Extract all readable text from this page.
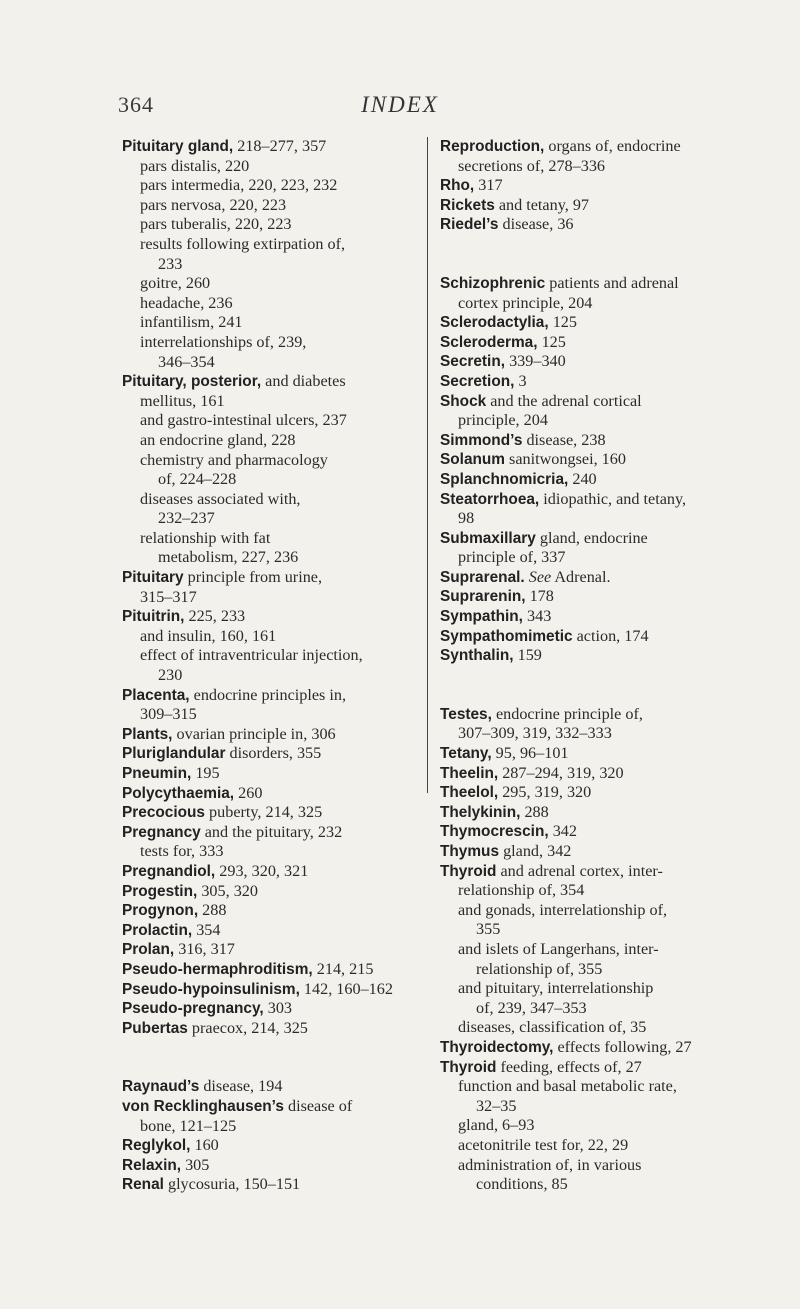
364	INDEX
Pituitary gland, 218–277, 357
pars distalis, 220
pars intermedia, 220, 223, 232
pars nervosa, 220, 223
pars tuberalis, 220, 223
results following extirpation of,
233
goitre, 260
headache, 236
infantilism, 241
interrelationships of, 239,
346–354
Pituitary, posterior, and diabetes
mellitus, 161
and gastro-intestinal ulcers, 237
an endocrine gland, 228
chemistry and pharmacology
of, 224–228
diseases associated with,
232–237
relationship with fat
metabolism, 227, 236
Pituitary principle from urine,
315–317
Pituitrin, 225, 233
and insulin, 160, 161
effect of intraventricular injection,
230
Placenta, endocrine principles in,
309–315
Plants, ovarian principle in, 306
Pluriglandular disorders, 355
Pneumin, 195
Polycythaemia, 260
Precocious puberty, 214, 325
Pregnancy and the pituitary, 232
tests for, 333
Pregnandiol, 293, 320, 321
Progestin, 305, 320
Progynon, 288
Prolactin, 354
Prolan, 316, 317
Pseudo-hermaphroditism, 214, 215
Pseudo-hypoinsulinism, 142, 160–162
Pseudo-pregnancy, 303
Pubertas praecox, 214, 325
Raynaud’s disease, 194
von Recklinghausen’s disease of
bone, 121–125
Reglykol, 160
Relaxin, 305
Renal glycosuria, 150–151
Reproduction, organs of, endocrine
secretions of, 278–336
Rho, 317
Rickets and tetany, 97
Riedel’s disease, 36
Schizophrenic patients and adrenal
cortex principle, 204
Sclerodactylia, 125
Scleroderma, 125
Secretin, 339–340
Secretion, 3
Shock and the adrenal cortical
principle, 204
Simmond’s disease, 238
Solanum sanitwongsei, 160
Splanchnomicria, 240
Steatorrhoea, idiopathic, and tetany,
98
Submaxillary gland, endocrine
principle of, 337
Suprarenal. See Adrenal.
Suprarenin, 178
Sympathin, 343
Sympathomimetic action, 174
Synthalin, 159
Testes, endocrine principle of,
307–309, 319, 332–333
Tetany, 95, 96–101
Theelin, 287–294, 319, 320
Theelol, 295, 319, 320
Thelykinin, 288
Thymocrescin, 342
Thymus gland, 342
Thyroid and adrenal cortex, inter-
relationship of, 354
and gonads, interrelationship of,
355
and islets of Langerhans, inter-
relationship of, 355
and pituitary, interrelationship
of, 239, 347–353
diseases, classification of, 35
Thyroidectomy, effects following, 27
Thyroid feeding, effects of, 27
function and basal metabolic rate,
32–35
gland, 6–93
acetonitrile test for, 22, 29
administration of, in various
conditions, 85
